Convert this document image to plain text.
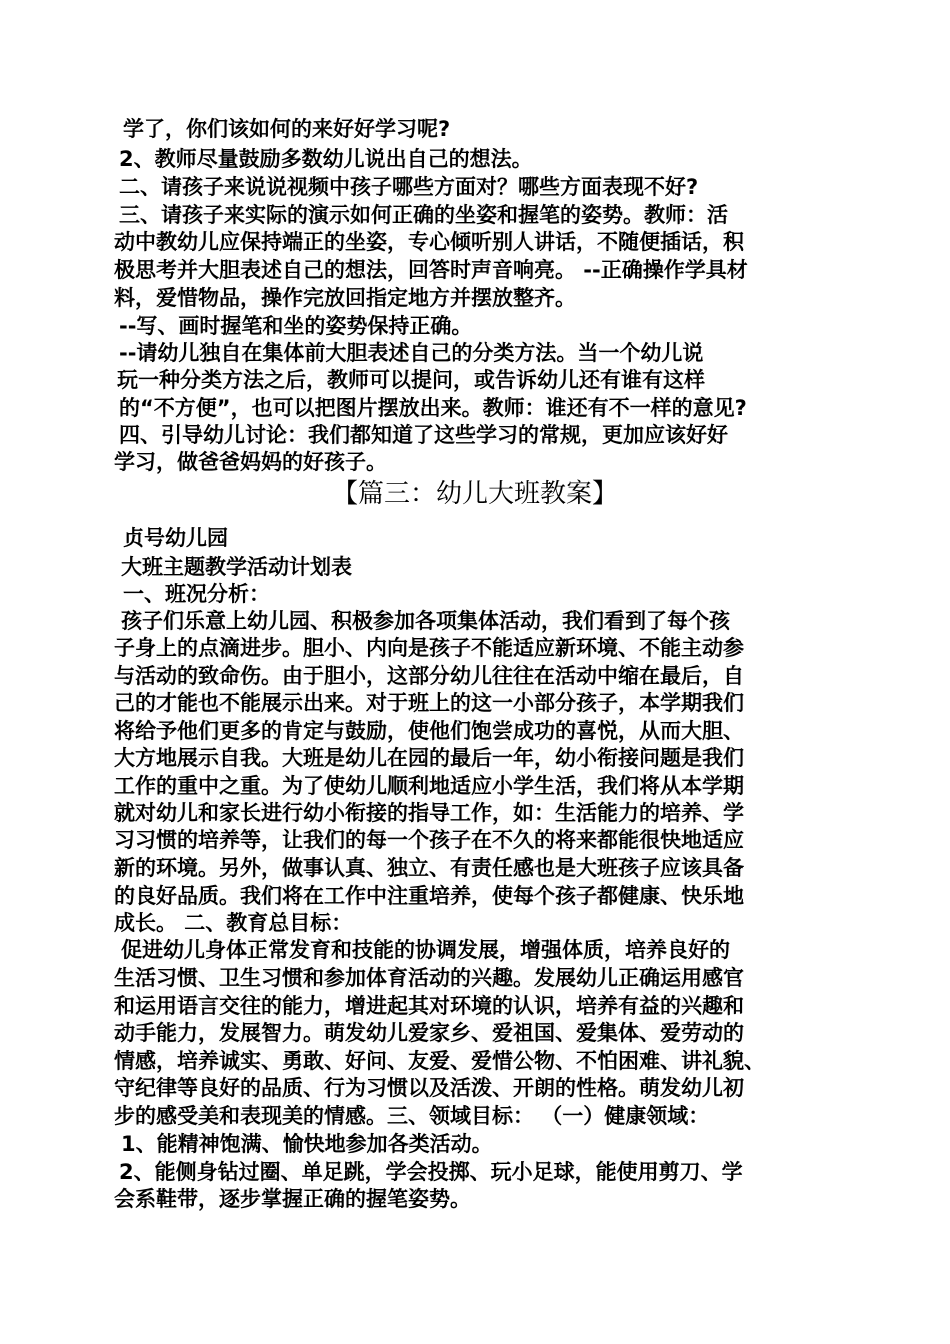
学了，你们该如何的来好好学习呢?
2、教师尽量鼓励多数幼儿说出自己的想法。
二、请孩子来说说视频中孩子哪些方面对？哪些方面表现不好?
三、请孩子来实际的演示如何正确的坐姿和握笔的姿势。教师：活
动中教幼儿应保持端正的坐姿，专心倾听别人讲话，不随便插话，积
极思考并大胆表述自己的想法，回答时声音响亮。 --正确操作学具材
料，爱惜物品，操作完放回指定地方并摆放整齐。
--写、画时握笔和坐的姿势保持正确。
--请幼儿独自在集体前大胆表述自己的分类方法。当一个幼儿说
玩一种分类方法之后，教师可以提问，或告诉幼儿还有谁有这样
的“不方便”，也可以把图片摆放出来。教师：谁还有不一样的意见?
四、引导幼儿讨论：我们都知道了这些学习的常规，更加应该好好
学习，做爸爸妈妈的好孩子。
【篇三：幼儿大班教案】
贞号幼儿园
大班主题教学活动计划表
一、班况分析：
孩子们乐意上幼儿园、积极参加各项集体活动，我们看到了每个孩
子身上的点滴进步。胆小、内向是孩子不能适应新环境、不能主动参
与活动的致命伤。由于胆小，这部分幼儿往往在活动中缩在最后，自
己的才能也不能展示出来。对于班上的这一小部分孩子，本学期我们
将给予他们更多的肯定与鼓励，使他们饱尝成功的喜悦，从而大胆、
大方地展示自我。大班是幼儿在园的最后一年，幼小衔接问题是我们
工作的重中之重。为了使幼儿顺利地适应小学生活，我们将从本学期
就对幼儿和家长进行幼小衔接的指导工作，如：生活能力的培养、学
习习惯的培养等，让我们的每一个孩子在不久的将来都能很快地适应
新的环境。另外，做事认真、独立、有责任感也是大班孩子应该具备
的良好品质。我们将在工作中注重培养，使每个孩子都健康、快乐地
成长。 二、教育总目标：
促进幼儿身体正常发育和技能的协调发展，增强体质，培养良好的
生活习惯、卫生习惯和参加体育活动的兴趣。发展幼儿正确运用感官
和运用语言交往的能力，增进起其对环境的认识，培养有益的兴趣和
动手能力，发展智力。萌发幼儿爱家乡、爱祖国、爱集体、爱劳动的
情感，培养诚实、勇敢、好问、友爱、爱惜公物、不怕困难、讲礼貌、
守纪律等良好的品质、行为习惯以及活泼、开朗的性格。萌发幼儿初
步的感受美和表现美的情感。三、领域目标： （一）健康领域：
1、能精神饱满、愉快地参加各类活动。
2、能侧身钻过圈、单足跳，学会投掷、玩小足球，能使用剪刀、学
会系鞋带，逐步掌握正确的握笔姿势。
